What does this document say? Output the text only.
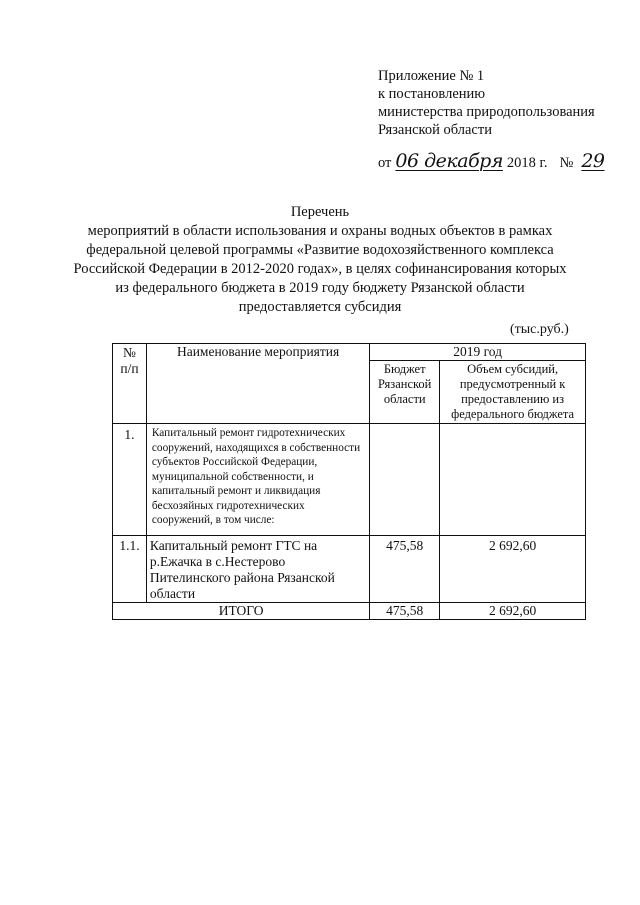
Приложение № 1
к постановлению
министерства природопользования
Рязанской области
от 06 декабря 2018 г. № 29
Перечень
мероприятий в области использования и охраны водных объектов в рамках
федеральной целевой программы «Развитие водохозяйственного комплекса
Российской Федерации в 2012-2020 годах», в целях софинансирования которых
из федерального бюджета в 2019 году бюджету Рязанской области
предоставляется субсидия
(тыс.руб.)
№ п/п	Наименование мероприятия	2019 год	
		Бюджет Рязанской области	Объем субсидий, предусмотренный к предоставлению из федерального бюджета
1.	Капитальный ремонт гидротехнических сооружений, находящихся в собственности субъектов Российской Федерации, муниципальной собственности, и капитальный ремонт и ликвидация бесхозяйных гидротехнических сооружений, в том числе:		
1.1.	Капитальный ремонт ГТС на р.Ежачка в с.Нестерово Пителинского района Рязанской области	475,58	2 692,60
ИТОГО		475,58	2 692,60
